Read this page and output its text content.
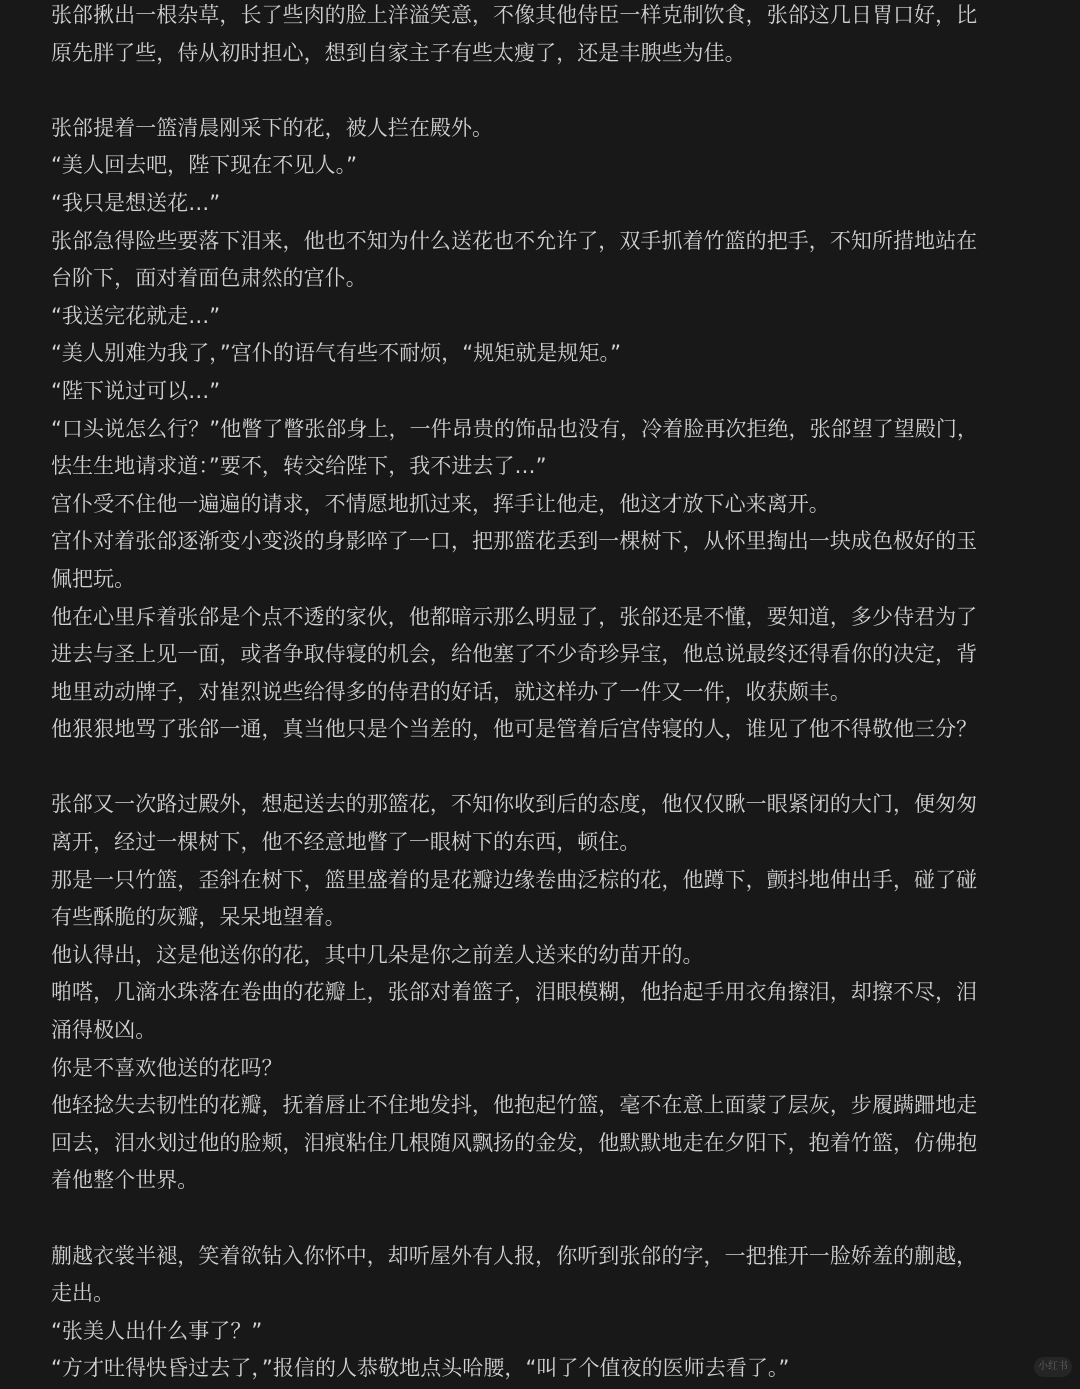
张郃揪出一根杂草，长了些肉的脸上洋溢笑意，不像其他侍臣一样克制饮食，张郃这几日胃口好，比
原先胖了些，侍从初时担心，想到自家主子有些太瘦了，还是丰腴些为佳。
张郃提着一篮清晨刚采下的花，被人拦在殿外。
“美人回去吧，陛下现在不见人。”
“我只是想送花…”
张郃急得险些要落下泪来，他也不知为什么送花也不允许了，双手抓着竹篮的把手，不知所措地站在
台阶下，面对着面色肃然的宫仆。
“我送完花就走…”
“美人别难为我了，”宫仆的语气有些不耐烦，“规矩就是规矩。”
“陛下说过可以…”
“口头说怎么行？”他瞥了瞥张郃身上，一件昂贵的饰品也没有，冷着脸再次拒绝，张郃望了望殿门，
怯生生地请求道：”要不，转交给陛下，我不进去了…”
宫仆受不住他一遍遍的请求，不情愿地抓过来，挥手让他走，他这才放下心来离开。
宫仆对着张郃逐渐变小变淡的身影啐了一口，把那篮花丢到一棵树下，从怀里掏出一块成色极好的玉
佩把玩。
他在心里斥着张郃是个点不透的家伙，他都暗示那么明显了，张郃还是不懂，要知道，多少侍君为了
进去与圣上见一面，或者争取侍寝的机会，给他塞了不少奇珍异宝，他总说最终还得看你的决定，背
地里动动牌子，对崔烈说些给得多的侍君的好话，就这样办了一件又一件，收获颇丰。
他狠狠地骂了张郃一通，真当他只是个当差的，他可是管着后宫侍寝的人，谁见了他不得敬他三分？
张郃又一次路过殿外，想起送去的那篮花，不知你收到后的态度，他仅仅瞅一眼紧闭的大门，便匆匆
离开，经过一棵树下，他不经意地瞥了一眼树下的东西，顿住。
那是一只竹篮，歪斜在树下，篮里盛着的是花瓣边缘卷曲泛棕的花，他蹲下，颤抖地伸出手，碰了碰
有些酥脆的灰瓣，呆呆地望着。
他认得出，这是他送你的花，其中几朵是你之前差人送来的幼苗开的。
啪嗒，几滴水珠落在卷曲的花瓣上，张郃对着篮子，泪眼模糊，他抬起手用衣角擦泪，却擦不尽，泪
涌得极凶。
你是不喜欢他送的花吗？
他轻捻失去韧性的花瓣，抚着唇止不住地发抖，他抱起竹篮，毫不在意上面蒙了层灰，步履蹒跚地走
回去，泪水划过他的脸颊，泪痕粘住几根随风飘扬的金发，他默默地走在夕阳下，抱着竹篮，仿佛抱
着他整个世界。
蒯越衣裳半褪，笑着欲钻入你怀中，却听屋外有人报，你听到张郃的字，一把推开一脸娇羞的蒯越，
走出。
“张美人出什么事了？”
“方才吐得快昏过去了，”报信的人恭敬地点头哈腰，“叫了个值夜的医师去看了。”	小红书
